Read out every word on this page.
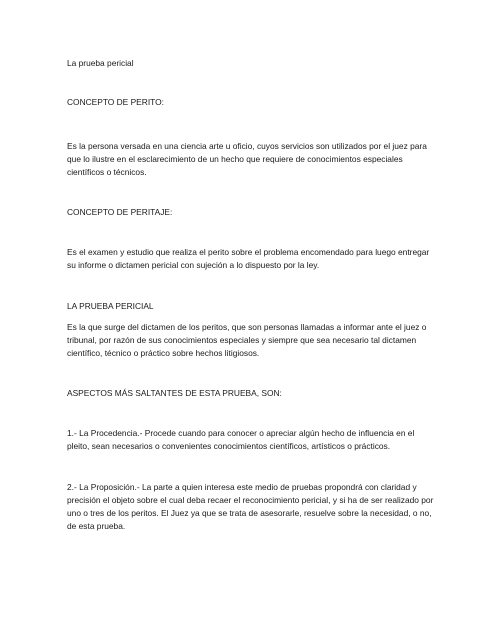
La prueba pericial

CONCEPTO DE PERITO:

Es la persona versada en una ciencia arte u oficio, cuyos servicios son utilizados por el juez para
que lo ilustre en el esclarecimiento de un hecho que requiere de conocimientos especiales
científicos o técnicos.

CONCEPTO DE PERITAJE:

Es el examen y estudio que realiza el perito sobre el problema encomendado para luego entregar
su informe o dictamen pericial con sujeción a lo dispuesto por la ley.

LA PRUEBA PERICIAL

Es la que surge del dictamen de los peritos, que son personas llamadas a informar ante el juez o
tribunal, por razón de sus conocimientos especiales y siempre que sea necesario tal dictamen
científico, técnico o práctico sobre hechos litigiosos.

ASPECTOS MÁS SALTANTES DE ESTA PRUEBA, SON:

1.- La Procedencia.- Procede cuando para conocer o apreciar algún hecho de influencia en el
pleito, sean necesarios o convenientes conocimientos científicos, artísticos o prácticos.

2.- La Proposición.- La parte a quien interesa este medio de pruebas propondrá con claridad y
precisión el objeto sobre el cual deba recaer el reconocimiento pericial, y si ha de ser realizado por
uno o tres de los peritos. El Juez ya que se trata de asesorarle, resuelve sobre la necesidad, o no,
de esta prueba.
